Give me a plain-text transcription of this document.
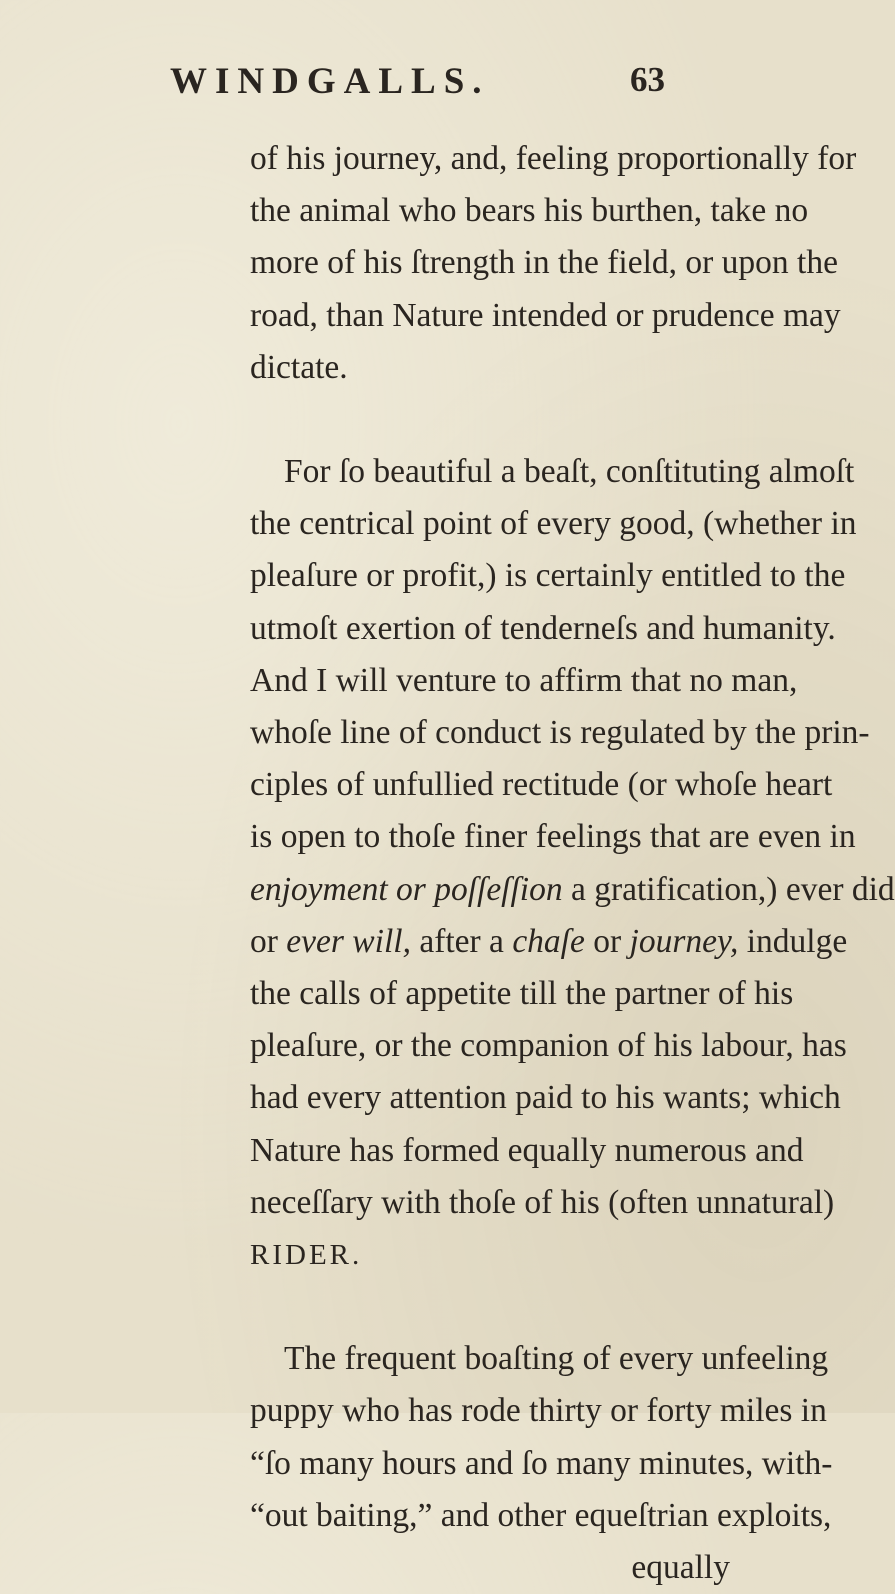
WINDGALLS.	63
of his journey, and, feeling proportionally for
the animal who bears his burthen, take no
more of his ſtrength in the field, or upon the
road, than Nature intended or prudence may
dictate.
For ſo beautiful a beaſt, conſtituting almoſt
the centrical point of every good, (whether in
pleaſure or profit,) is certainly entitled to the
utmoſt exertion of tenderneſs and humanity.
And I will venture to affirm that no man,
whoſe line of conduct is regulated by the prin-
ciples of unfullied rectitude (or whoſe heart
is open to thoſe finer feelings that are even in
enjoyment or poſſeſſion a gratification,) ever did
or ever will, after a chaſe or journey, indulge
the calls of appetite till the partner of his
pleaſure, or the companion of his labour, has
had every attention paid to his wants; which
Nature has formed equally numerous and
neceſſary with thoſe of his (often unnatural)
RIDER.
The frequent boaſting of every unfeeling
puppy who has rode thirty or forty miles in
“ſo many hours and ſo many minutes, with-
“out baiting,” and other equeſtrian exploits,
equally
